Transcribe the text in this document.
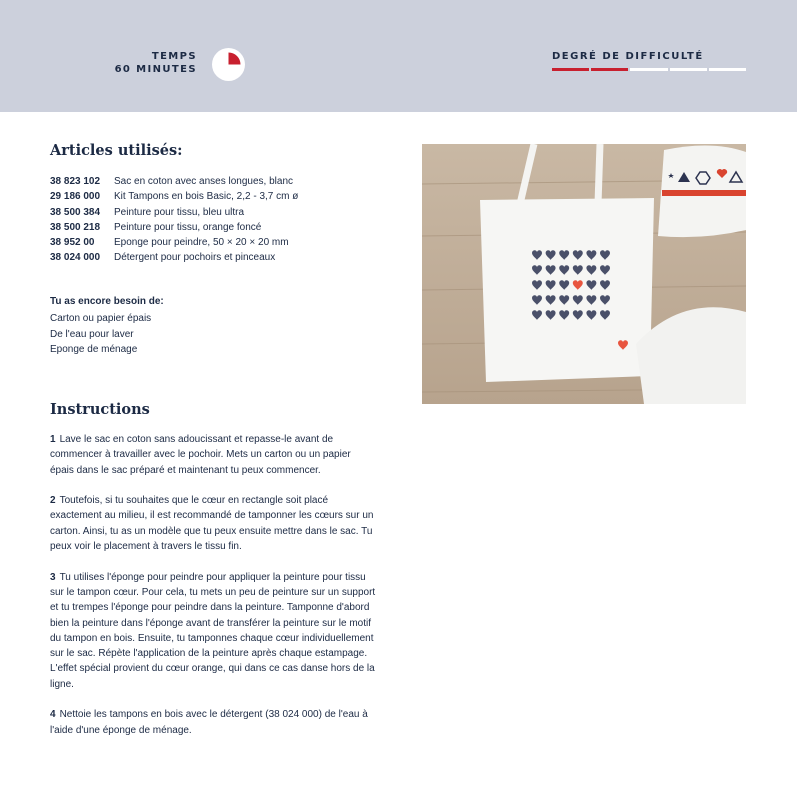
TEMPS
60 MINUTES
DEGRÉ DE DIFFICULTÉ
Articles utilisés:
38 823 102	Sac en coton avec anses longues, blanc
29 186 000	Kit Tampons en bois Basic, 2,2 - 3,7 cm ø
38 500 384	Peinture pour tissu, bleu ultra
38 500 218	Peinture pour tissu, orange foncé
38 952 00	Eponge pour peindre, 50 × 20 × 20 mm
38 024 000	Détergent pour pochoirs et pinceaux
Tu as encore besoin de:
Carton ou papier épais
De l'eau pour laver
Eponge de ménage
Instructions
1 Lave le sac en coton sans adoucissant et repasse-le avant de commencer à travailler avec le pochoir. Mets un carton ou un papier épais dans le sac préparé et maintenant tu peux commencer.
2 Toutefois, si tu souhaites que le cœur en rectangle soit placé exactement au milieu, il est recommandé de tamponner les cœurs sur un carton. Ainsi, tu as un modèle que tu peux ensuite mettre dans le sac. Tu peux voir le placement à travers le tissu fin.
3 Tu utilises l'éponge pour peindre pour appliquer la peinture pour tissu sur le tampon cœur. Pour cela, tu mets un peu de peinture sur un support et tu trempes l'éponge pour peindre dans la peinture. Tamponne d'abord bien la peinture dans l'éponge avant de transférer la peinture sur le motif du tampon en bois. Ensuite, tu tamponnes chaque cœur individuellement sur le sac. Répète l'application de la peinture après chaque estampage. L'effet spécial provient du cœur orange, qui dans ce cas danse hors de la ligne.
4 Nettoie les tampons en bois avec le détergent (38 024 000) de l'eau à l'aide d'une éponge de ménage.
